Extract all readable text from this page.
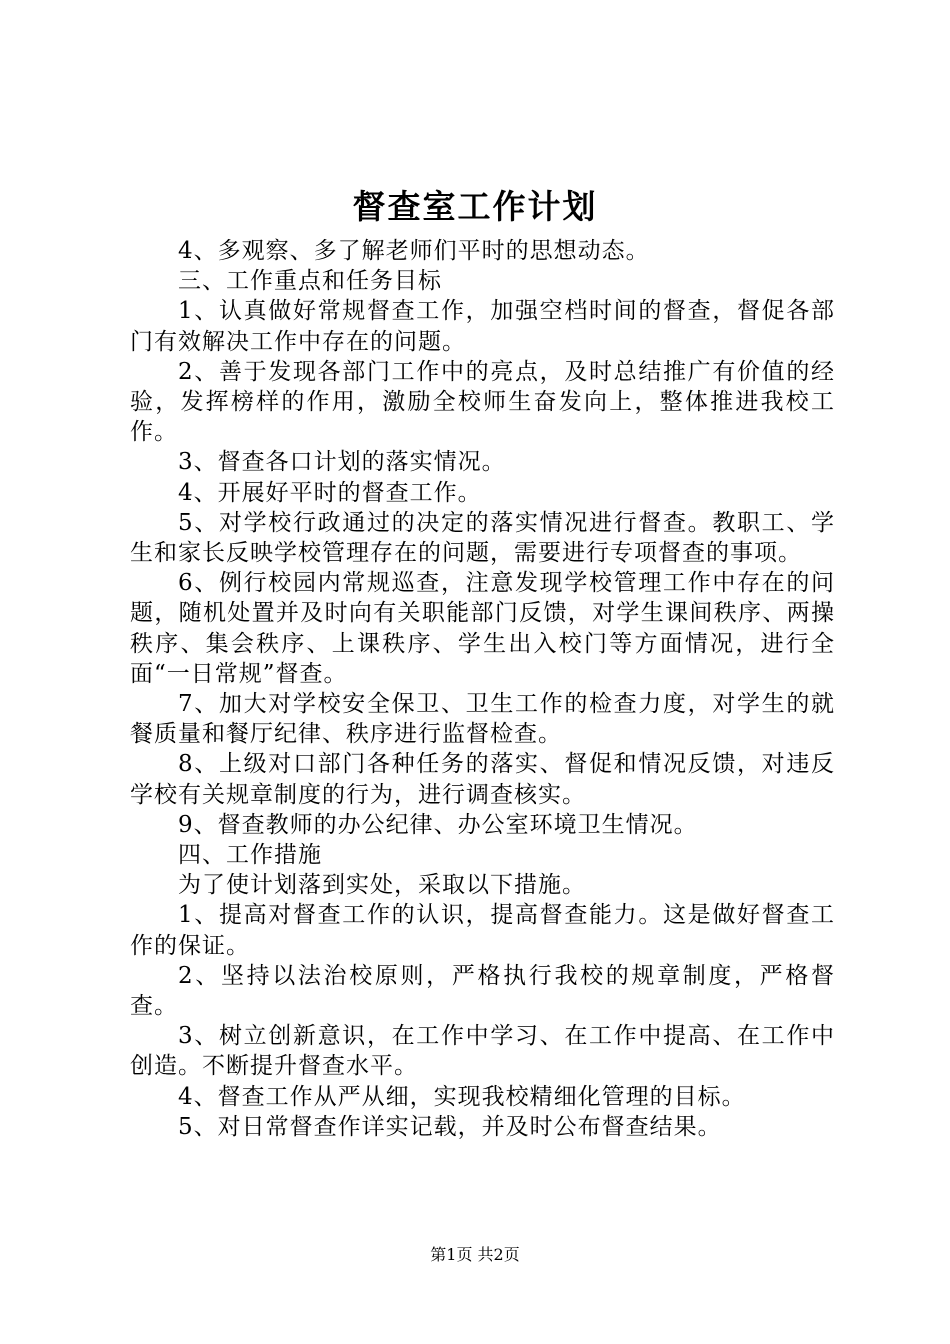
督查室工作计划

4、多观察、多了解老师们平时的思想动态。

三、工作重点和任务目标

1、认真做好常规督查工作，加强空档时间的督查，督促各部门有效解决工作中存在的问题。

2、善于发现各部门工作中的亮点，及时总结推广有价值的经验，发挥榜样的作用，激励全校师生奋发向上，整体推进我校工作。

3、督查各口计划的落实情况。

4、开展好平时的督查工作。

5、对学校行政通过的决定的落实情况进行督查。教职工、学生和家长反映学校管理存在的问题，需要进行专项督查的事项。

6、例行校园内常规巡查，注意发现学校管理工作中存在的问题，随机处置并及时向有关职能部门反馈，对学生课间秩序、两操秩序、集会秩序、上课秩序、学生出入校门等方面情况，进行全面“一日常规”督查。

7、加大对学校安全保卫、卫生工作的检查力度，对学生的就餐质量和餐厅纪律、秩序进行监督检查。

8、上级对口部门各种任务的落实、督促和情况反馈，对违反学校有关规章制度的行为，进行调查核实。

9、督查教师的办公纪律、办公室环境卫生情况。

四、工作措施

为了使计划落到实处，采取以下措施。

1、提高对督查工作的认识，提高督查能力。这是做好督查工作的保证。

2、坚持以法治校原则，严格执行我校的规章制度，严格督查。

3、树立创新意识，在工作中学习、在工作中提高、在工作中创造。不断提升督查水平。

4、督查工作从严从细，实现我校精细化管理的目标。

5、对日常督查作详实记载，并及时公布督查结果。

第1页 共2页
